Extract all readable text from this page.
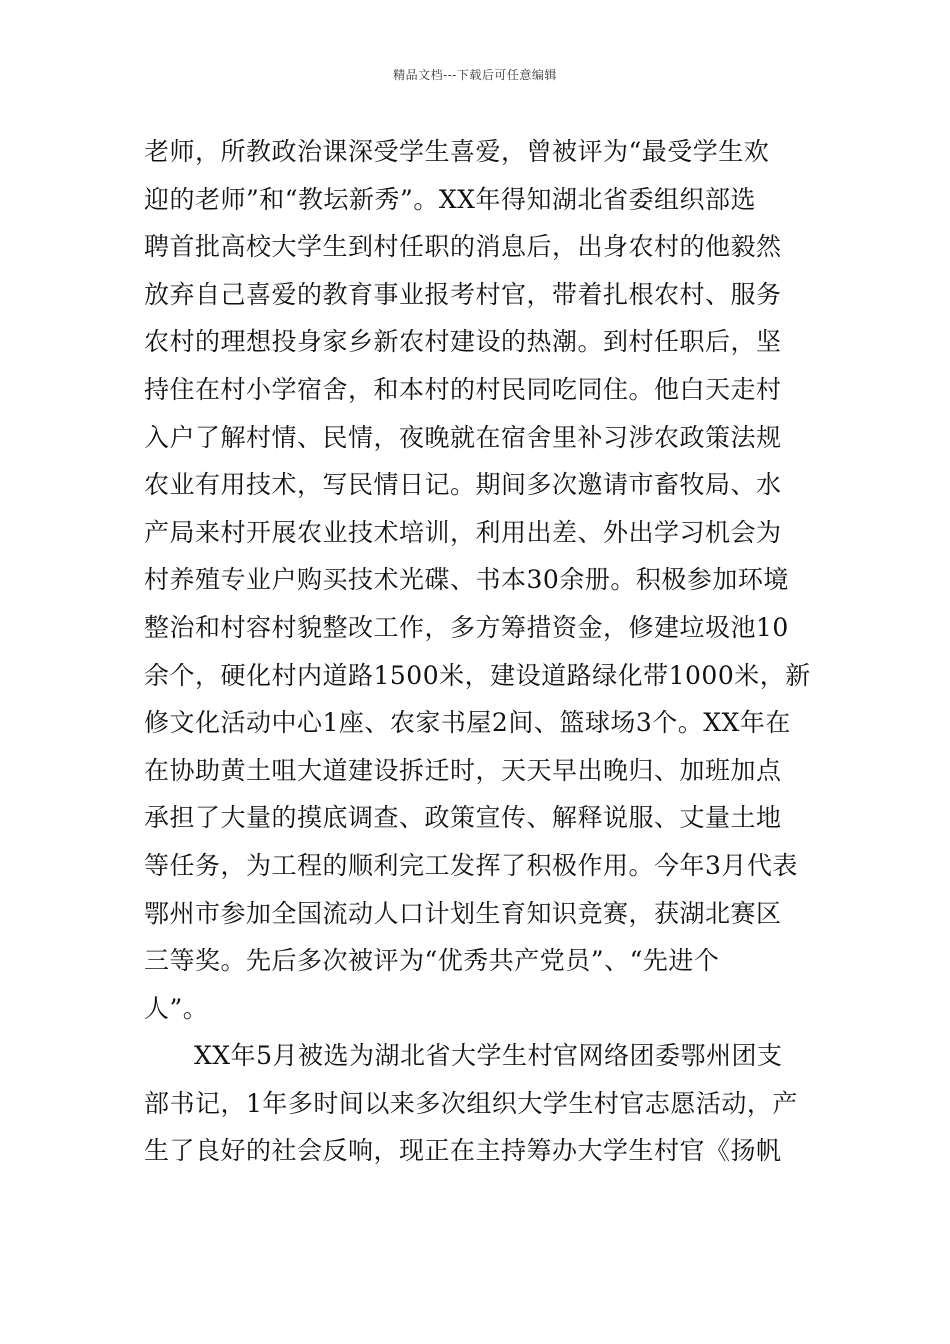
精品文档---下载后可任意编辑
老师，所教政治课深受学生喜爱，曾被评为“最受学生欢
迎的老师”和“教坛新秀”。XX年得知湖北省委组织部选
聘首批高校大学生到村任职的消息后，出身农村的他毅然
放弃自己喜爱的教育事业报考村官，带着扎根农村、服务
农村的理想投身家乡新农村建设的热潮。到村任职后，坚
持住在村小学宿舍，和本村的村民同吃同住。他白天走村
入户了解村情、民情，夜晚就在宿舍里补习涉农政策法规
农业有用技术，写民情日记。期间多次邀请市畜牧局、水
产局来村开展农业技术培训，利用出差、外出学习机会为
村养殖专业户购买技术光碟、书本30余册。积极参加环境
整治和村容村貌整改工作，多方筹措资金，修建垃圾池10
余个，硬化村内道路1500米，建设道路绿化带1000米，新
修文化活动中心1座、农家书屋2间、篮球场3个。XX年在
在协助黄土咀大道建设拆迁时，天天早出晚归、加班加点
承担了大量的摸底调查、政策宣传、解释说服、丈量土地
等任务，为工程的顺利完工发挥了积极作用。今年3月代表
鄂州市参加全国流动人口计划生育知识竞赛，获湖北赛区
三等奖。先后多次被评为“优秀共产党员”、“先进个
人”。
XX年5月被选为湖北省大学生村官网络团委鄂州团支
部书记，1年多时间以来多次组织大学生村官志愿活动，产
生了良好的社会反响，现正在主持筹办大学生村官《扬帆
